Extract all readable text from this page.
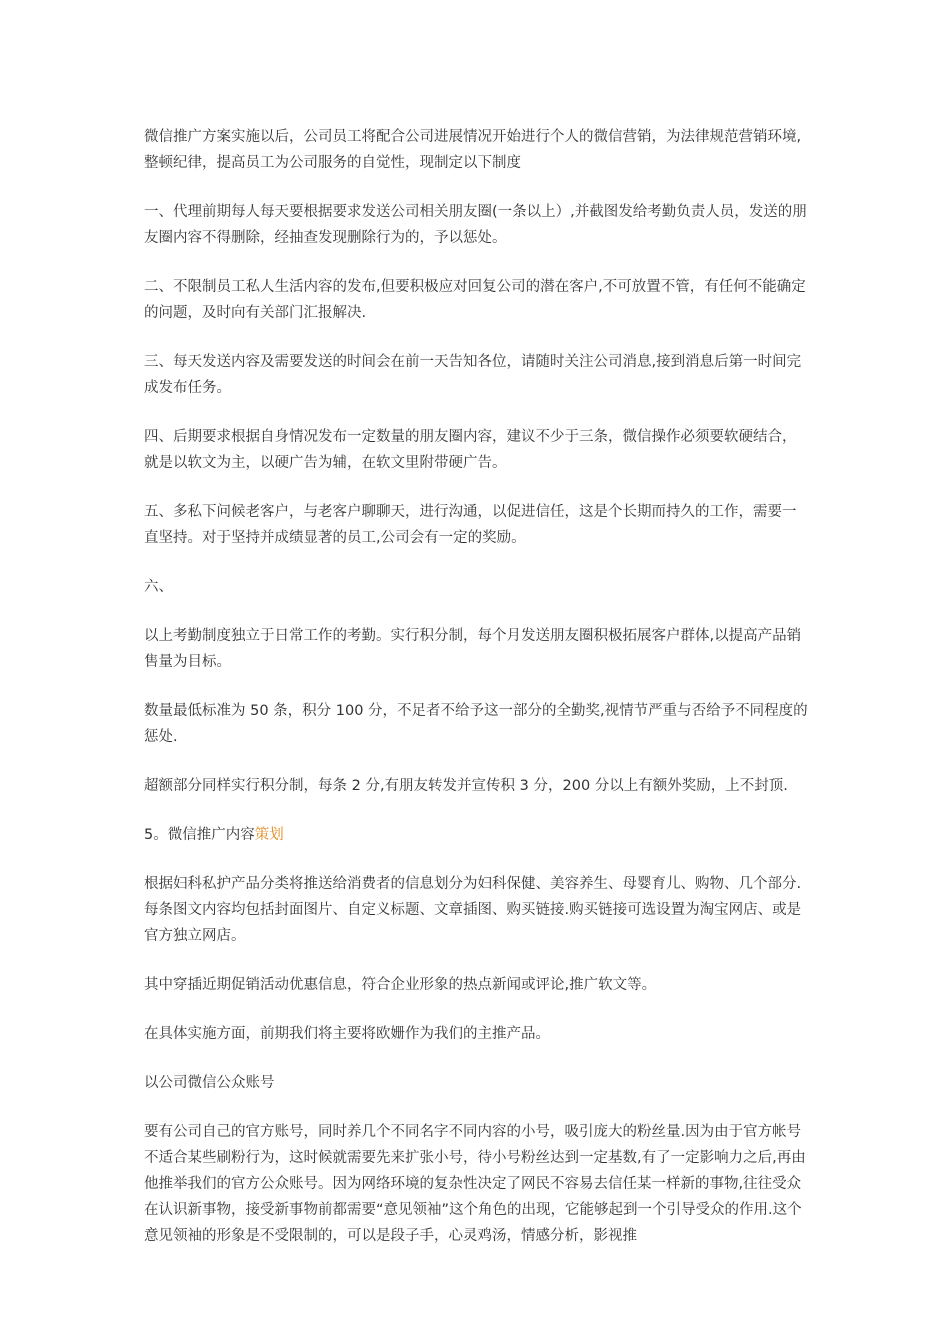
微信推广方案实施以后，公司员工将配合公司进展情况开始进行个人的微信营销，为法律规范营销环境,整顿纪律，提高员工为公司服务的自觉性，现制定以下制度

一、代理前期每人每天要根据要求发送公司相关朋友圈(一条以上）,并截图发给考勤负责人员，发送的朋友圈内容不得删除，经抽查发现删除行为的，予以惩处。

二、不限制员工私人生活内容的发布,但要积极应对回复公司的潜在客户,不可放置不管，有任何不能确定的问题，及时向有关部门汇报解决.

三、每天发送内容及需要发送的时间会在前一天告知各位，请随时关注公司消息,接到消息后第一时间完成发布任务。

四、后期要求根据自身情况发布一定数量的朋友圈内容，建议不少于三条，微信操作必须要软硬结合，就是以软文为主，以硬广告为辅，在软文里附带硬广告。

五、多私下问候老客户，与老客户聊聊天，进行沟通，以促进信任，这是个长期而持久的工作，需要一直坚持。对于坚持并成绩显著的员工,公司会有一定的奖励。

六、

以上考勤制度独立于日常工作的考勤。实行积分制，每个月发送朋友圈积极拓展客户群体,以提高产品销售量为目标。

数量最低标准为 50 条，积分 100 分，不足者不给予这一部分的全勤奖,视情节严重与否给予不同程度的惩处.

超额部分同样实行积分制，每条 2 分,有朋友转发并宣传积 3 分，200 分以上有额外奖励，上不封顶.

5。微信推广内容策划

根据妇科私护产品分类将推送给消费者的信息划分为妇科保健、美容养生、母婴育儿、购物、几个部分.每条图文内容均包括封面图片、自定义标题、文章插图、购买链接.购买链接可选设置为淘宝网店、或是官方独立网店。

其中穿插近期促销活动优惠信息，符合企业形象的热点新闻或评论,推广软文等。

在具体实施方面，前期我们将主要将欧姗作为我们的主推产品。

以公司微信公众账号

要有公司自己的官方账号，同时养几个不同名字不同内容的小号，吸引庞大的粉丝量.因为由于官方帐号不适合某些刷粉行为，这时候就需要先来扩张小号，待小号粉丝达到一定基数,有了一定影响力之后,再由他推举我们的官方公众账号。因为网络环境的复杂性决定了网民不容易去信任某一样新的事物,往往受众在认识新事物，接受新事物前都需要“意见领袖”这个角色的出现，它能够起到一个引导受众的作用.这个意见领袖的形象是不受限制的，可以是段子手，心灵鸡汤，情感分析，影视推
